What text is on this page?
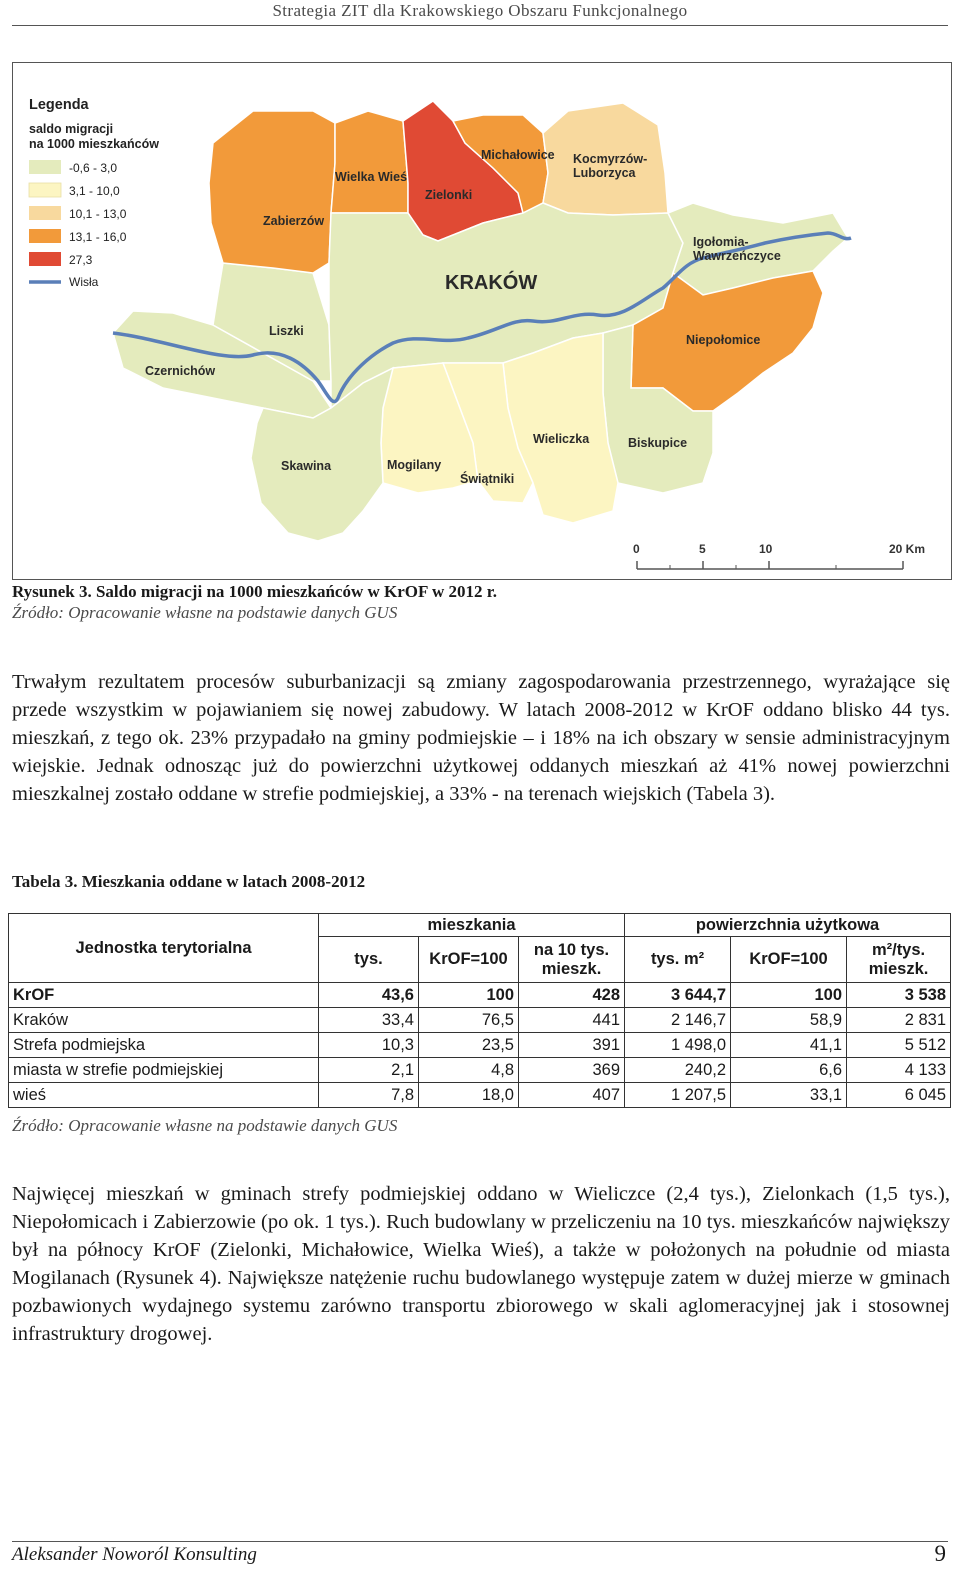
Strategia ZIT dla Krakowskiego Obszaru Funkcjonalnego
Wielka Wieś
Michałowice Kocmyrzów-
Luborzyca
Zielonki
Zabierzów
Igołomia-
Wawrzeńczyce
Liszki
Niepołomice
Czernichów
Wieliczka	Biskupice
Skawina	Mogilany
Świątniki
KRAKÓW
Legenda
saldo migracji
na 1000 mieszkańców
-0,6 - 3,0
3,1 - 10,0
10,1 - 13,0
13,1 - 16,0
27,3
Wisła
0	5	10	20 Km
Rysunek 3. Saldo migracji na 1000 mieszkańców w KrOF w 2012 r.
Źródło: Opracowanie własne na podstawie danych GUS
Trwałym rezultatem procesów suburbanizacji są zmiany zagospodarowania przestrzennego, wyrażające się przede wszystkim w pojawianiem się nowej zabudowy. W latach 2008-2012 w KrOF oddano blisko 44 tys. mieszkań, z tego ok. 23% przypadało na gminy podmiejskie – i 18% na ich obszary w sensie administracyjnym wiejskie. Jednak odnosząc już do powierzchni użytkowej oddanych mieszkań aż 41% nowej powierzchni mieszkalnej zostało oddane w strefie podmiejskiej, a 33% - na terenach wiejskich (Tabela 3).
Tabela 3. Mieszkania oddane w latach 2008-2012
Jednostka terytorialna	mieszkania			powierzchnia użytkowa		
	tys.	KrOF=100	na 10 tys. mieszk.	tys. m²	KrOF=100	m²/tys. mieszk.
KrOF	43,6	100	428	3 644,7	100	3 538
Kraków	33,4	76,5	441	2 146,7	58,9	2 831
Strefa podmiejska	10,3	23,5	391	1 498,0	41,1	5 512
miasta w strefie podmiejskiej	2,1	4,8	369	240,2	6,6	4 133
wieś	7,8	18,0	407	1 207,5	33,1	6 045
Źródło: Opracowanie własne na podstawie danych GUS
Najwięcej mieszkań w gminach strefy podmiejskiej oddano w Wieliczce (2,4 tys.), Zielonkach (1,5 tys.), Niepołomicach i Zabierzowie (po ok. 1 tys.). Ruch budowlany w przeliczeniu na 10 tys. mieszkańców największy był na północy KrOF (Zielonki, Michałowice, Wielka Wieś), a także w położonych na południe od miasta Mogilanach (Rysunek 4). Największe natężenie ruchu budowlanego występuje zatem w dużej mierze w gminach pozbawionych wydajnego systemu zarówno transportu zbiorowego w skali aglomeracyjnej jak i stosownej infrastruktury drogowej.
Aleksander Noworól Konsulting	9
